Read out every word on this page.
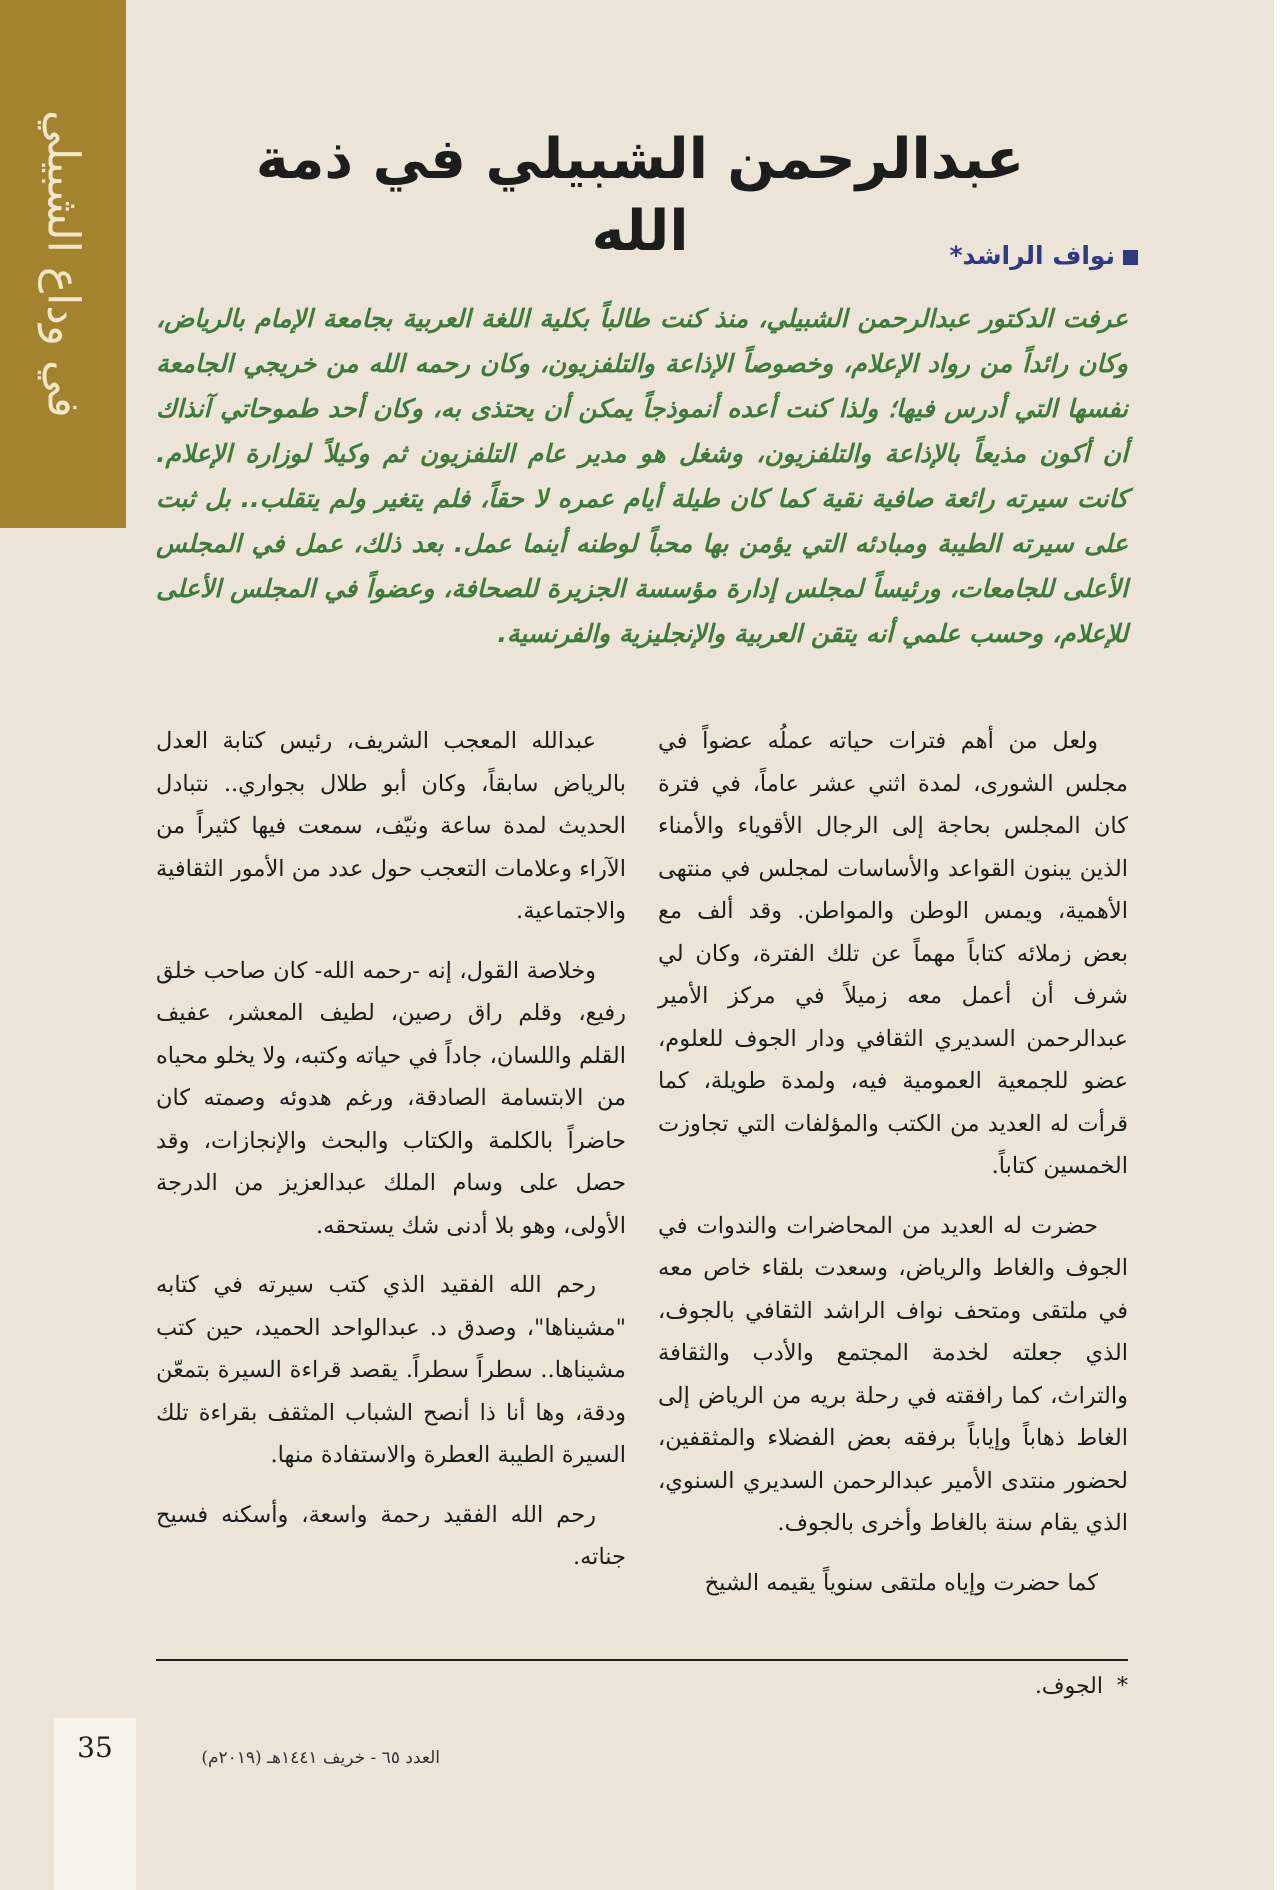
في وداع الشبيلي	عبدالرحمن الشبيلي في ذمة الله	نواف الراشد*

عرفت الدكتور عبدالرحمن الشبيلي، منذ كنت طالباً بكلية اللغة العربية بجامعة الإمام بالرياض، وكان رائداً من رواد الإعلام، وخصوصاً الإذاعة والتلفزيون، وكان رحمه الله من خريجي الجامعة نفسها التي أدرس فيها؛ ولذا كنت أعده أنموذجاً يمكن أن يحتذى به، وكان أحد طموحاتي آنذاك أن أكون مذيعاً بالإذاعة والتلفزيون، وشغل هو مدير عام التلفزيون ثم وكيلاً لوزارة الإعلام. كانت سيرته رائعة صافية نقية كما كان طيلة أيام عمره لا حقاً، فلم يتغير ولم يتقلب.. بل ثبت على سيرته الطيبة ومبادئه التي يؤمن بها محباً لوطنه أينما عمل. بعد ذلك، عمل في المجلس الأعلى للجامعات، ورئيساً لمجلس إدارة مؤسسة الجزيرة للصحافة، وعضواً في المجلس الأعلى للإعلام، وحسب علمي أنه يتقن العربية والإنجليزية والفرنسية.

ولعل من أهم فترات حياته عملُه عضواً في مجلس الشورى، لمدة اثني عشر عاماً، في فترة كان المجلس بحاجة إلى الرجال الأقوياء والأمناء الذين يبنون القواعد والأساسات لمجلس في منتهى الأهمية، ويمس الوطن والمواطن. وقد ألف مع بعض زملائه كتاباً مهماً عن تلك الفترة، وكان لي شرف أن أعمل معه زميلاً في مركز الأمير عبدالرحمن السديري الثقافي ودار الجوف للعلوم، عضو للجمعية العمومية فيه، ولمدة طويلة، كما قرأت له العديد من الكتب والمؤلفات التي تجاوزت الخمسين كتاباً.

حضرت له العديد من المحاضرات والندوات في الجوف والغاط والرياض، وسعدت بلقاء خاص معه في ملتقى ومتحف نواف الراشد الثقافي بالجوف، الذي جعلته لخدمة المجتمع والأدب والثقافة والتراث، كما رافقته في رحلة بريه من الرياض إلى الغاط ذهاباً وإياباً برفقه بعض الفضلاء والمثقفين، لحضور منتدى الأمير عبدالرحمن السديري السنوي، الذي يقام سنة بالغاط وأخرى بالجوف.

كما حضرت وإياه ملتقى سنوياً يقيمه الشيخ

عبدالله المعجب الشريف، رئيس كتابة العدل بالرياض سابقاً، وكان أبو طلال بجواري.. نتبادل الحديث لمدة ساعة ونيّف، سمعت فيها كثيراً من الآراء وعلامات التعجب حول عدد من الأمور الثقافية والاجتماعية.

وخلاصة القول، إنه -رحمه الله- كان صاحب خلق رفيع، وقلم راق رصين، لطيف المعشر، عفيف القلم واللسان، جاداً في حياته وكتبه، ولا يخلو محياه من الابتسامة الصادقة، ورغم هدوئه وصمته كان حاضراً بالكلمة والكتاب والبحث والإنجازات، وقد حصل على وسام الملك عبدالعزيز من الدرجة الأولى، وهو بلا أدنى شك يستحقه.

رحم الله الفقيد الذي كتب سيرته في كتابه "مشيناها"، وصدق د. عبدالواحد الحميد، حين كتب مشيناها.. سطراً سطراً. يقصد قراءة السيرة بتمعّن ودقة، وها أنا ذا أنصح الشباب المثقف بقراءة تلك السيرة الطيبة العطرة والاستفادة منها.

رحم الله الفقيد رحمة واسعة، وأسكنه فسيح جناته.

*الجوف.
35	العدد ٦٥ - خريف ١٤٤١هـ (٢٠١٩م)
